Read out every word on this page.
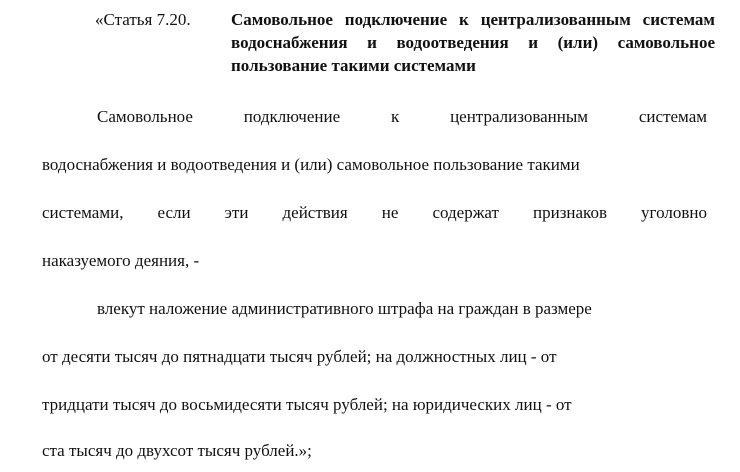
«Статья 7.20. Самовольное подключение к централизованным системам водоснабжения и водоотведения и (или) самовольное пользование такими системами
Самовольное	подключение	к	централизованным	системам
водоснабжения и водоотведения и (или) самовольное пользование такими
системами, если эти действия не содержат признаков уголовно
наказуемого деяния, -
влекут наложение административного штрафа на граждан в размере
от десяти тысяч до пятнадцати тысяч рублей; на должностных лиц - от
тридцати тысяч до восьмидесяти тысяч рублей; на юридических лиц - от
ста тысяч до двухсот тысяч рублей.»;
